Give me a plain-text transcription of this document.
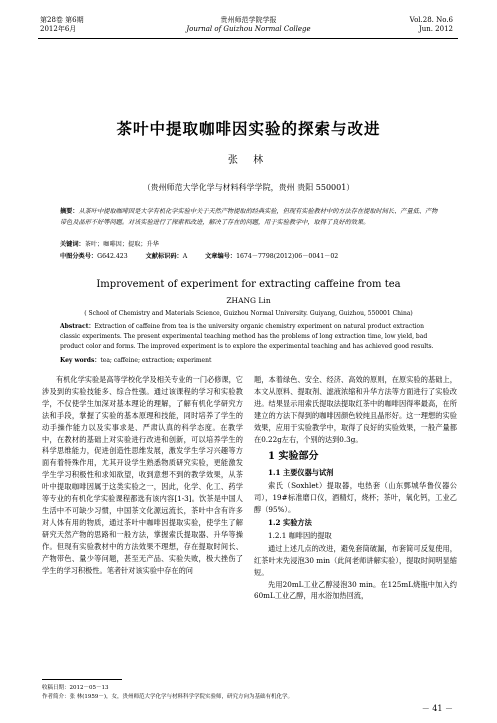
第28卷 第6期
2012年6月
贵州师范学院学报
Journal of Guizhou Normal College
Vol.28. No.6
Jun. 2012
茶叶中提取咖啡因实验的探索与改进
张 林
（贵州师范大学化学与材料科学学院，贵州 贵阳 550001）
摘要：从茶叶中提取咖啡因是大学有机化学实验中关于天然产物提取的经典实验，但现有实验教材中的方法存在提取时间长、产量低、产物带色及晶形不好等问题。对该实验进行了探索和改进，解决了存在的问题，用于实验教学中，取得了良好的效果。
关键词：茶叶；咖啡因；提取；升华
中图分类号：G642.423	文献标识码：A	文章编号：1674－7798(2012)06－0041－02
Improvement of experiment for extracting caffeine from tea
ZHANG Lin
( School of Chemistry and Materials Science, Guizhou Normal University. Guiyang, Guizhou, 550001 China)
Abstract：Extraction of caffeine from tea is the university organic chemistry experiment on natural product extraction classic experiments. The present experimental teaching method has the problems of long extraction time, low yield, bad product color and forms. The improved experiment is to explore the experimental teaching and has achieved good results.
Key words：tea; caffeine; extraction; experiment

有机化学实验是高等学校化学及相关专业的一门必修课，它涉及到的实验技能多、综合性强。通过该课程的学习和实验教学，不仅使学生加深对基本理论的理解，了解有机化学研究方法和手段，掌握了实验的基本原理和技能，同时培养了学生的动手操作能力以及实事求是、严肃认真的科学态度。在教学中，在教材的基础上对实验进行改进和创新，可以培养学生的科学思维能力，促进创造性思维发展，激发学生学习兴趣等方面有着特殊作用，尤其开设学生熟悉物质研究实验，更能激发学生学习积极性和求知欲望，收到意想不到的教学效果，从茶叶中提取咖啡因属于这类实验之一，因此，化学、化工、药学等专业的有机化学实验课程都选有该内容[1-3]。饮茶是中国人生活中不可缺少习惯，中国茶文化源远流长，茶叶中含有许多对人体有用的物质，通过茶叶中咖啡因提取实验，使学生了解研究天然产物的思路和一般方法，掌握索氏提取器、升华等操作。但现有实验教材中的方法效果不理想，存在提取时间长、产物带色、量少等问题，甚至无产品、实验失败，极大挫伤了学生的学习积极性。笔者针对该实验中存在的问

题，本着绿色、安全、经济、高效的原则，在原实验的基础上，本文从原料、提取剂、滤液浓缩和升华方法等方面进行了实验改进。结果显示用索氏提取法提取红茶中的咖啡因得率最高，在所建立的方法下得到的咖啡因颜色较纯且晶形好。这一理想的实验效果，应用于实验教学中，取得了良好的实验效果，一般产量都在0.22g左右，个别的达到0.3g。

1 实验部分
1.1 主要仪器与试剂

索氏（Soxhlet）提取器，电热套（山东鄄城华鲁仪器公司），19#标准磨口仪，酒精灯，烧杯；茶叶，氧化钙，工业乙醇（95%）。

1.2 实验方法
1.2.1 咖啡因的提取

通过上述几点的改进，避免套筒破漏，布套简可反复使用，红茶叶末先浸泡30 min（此间老师讲解实验），提取时间明显缩短。

先用20mL工业乙醇浸泡30 min。在125mL烧瓶中加入约60mL工业乙醇，用水浴加热回流，

收稿日期：2012－05－13
作者简介：张 林(1959－)，女，贵州师范大学化学与材料科学学院实验师，研究方向为基础有机化学。
－ 41 －
